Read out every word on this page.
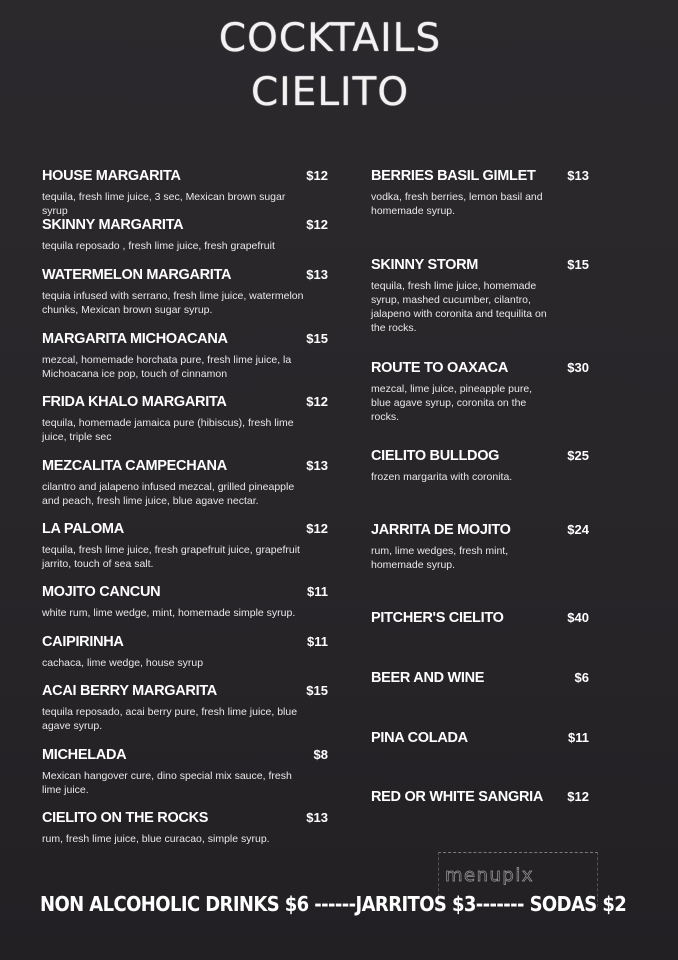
COCKTAILS
CIELITO
HOUSE MARGARITA	$12
tequila, fresh lime juice, 3 sec, Mexican brown sugar syrup
SKINNY MARGARITA	$12
tequila reposado , fresh lime juice, fresh grapefruit
WATERMELON MARGARITA	$13
tequia infused with serrano, fresh lime juice, watermelon chunks, Mexican brown sugar syrup.
MARGARITA MICHOACANA	$15
mezcal, homemade horchata pure, fresh lime juice, la Michoacana ice pop, touch of cinnamon
FRIDA KHALO MARGARITA	$12
tequila, homemade jamaica pure (hibiscus), fresh lime juice, triple sec
MEZCALITA CAMPECHANA	$13
cilantro and jalapeno infused mezcal, grilled pineapple and peach, fresh lime juice, blue agave nectar.
LA PALOMA	$12
tequila, fresh lime juice, fresh grapefruit juice, grapefruit jarrito, touch of sea salt.
MOJITO CANCUN	$11
white rum, lime wedge, mint, homemade simple syrup.
CAIPIRINHA	$11
cachaca, lime wedge, house syrup
ACAI BERRY MARGARITA	$15
tequila reposado, acai berry pure, fresh lime juice, blue agave syrup.
MICHELADA	$8
Mexican hangover cure, dino special mix sauce, fresh lime juice.
CIELITO ON THE ROCKS	$13
rum, fresh lime juice, blue curacao, simple syrup.
BERRIES BASIL GIMLET $13
vodka, fresh berries, lemon basil and homemade syrup.
SKINNY STORM	$15
tequila, fresh lime juice, homemade syrup, mashed cucumber, cilantro, jalapeno with coronita and tequilita on the rocks.
ROUTE TO OAXACA	$30
mezcal, lime juice, pineapple pure, blue agave syrup, coronita on the rocks.
CIELITO BULLDOG	$25
frozen margarita with coronita.
JARRITA DE MOJITO	$24
rum, lime wedges, fresh mint, homemade syrup.
PITCHER'S CIELITO	$40
BEER AND WINE	$6
PINA COLADA	$11
RED OR WHITE SANGRIA $12
menupix
NON ALCOHOLIC DRINKS $6 ------JARRITOS $3------- SODAS $2
